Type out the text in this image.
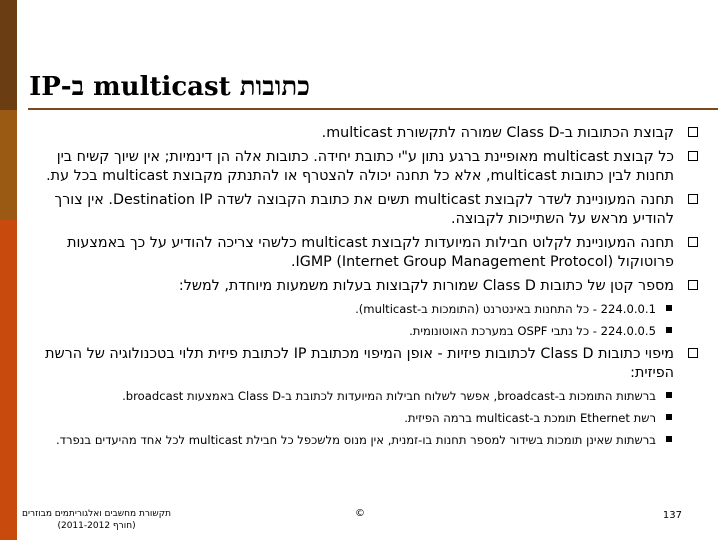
כתובות multicast ב-IP
קבוצת הכתובות ב-Class D שמורה לתקשורת multicast.
כל קבוצת multicast מאופיינת ברגע נתון ע"י כתובת יחידה. כתובות אלה הן דינמיות; אין שיוך קשיח בין תחנות לבין כתובות multicast, אלא כל תחנה יכולה להצטרף או להתנתק מקבוצת multicast בכל עת.
תחנה המעוניינת לשדר לקבוצת multicast תשים את כתובת הקבוצה לשדה Destination IP. אין צורך להודיע מראש על השתייכות לקבוצה.
תחנה המעוניינת לקלוט חבילות המיועדות לקבוצת multicast כלשהי צריכה להודיע על כך באמצעות פרוטוקול IGMP (Internet Group Management Protocol).
מספר קטן של כתובות Class D שמורות לקבוצות בעלות משמעות מיוחדת, למשל:
224.0.0.1 - כל התחנות באינטרנט (התומכות ב-multicast).
224.0.0.5 - כל נתבי OSPF במערכת האוטונומית.
מיפוי כתובות Class D לכתובות פיזיות - אופן המיפוי מכתובת IP לכתובת פיזית תלוי בטכנולוגיה של הרשת הפיזית:
ברשתות התומכות ב-broadcast, אפשר לשלוח חבילות המיועדות לכתובת ב-Class D באמצעות broadcast.
רשת Ethernet תומכת ב-multicast ברמה הפיזית.
ברשתות שאינן תומכות בשידור למספר תחנות בו-זמנית, אין מנוס מלשכפל כל חבילת multicast לכל אחד מהיעדים בנפרד.
תקשורת מחשבים ואלגוריתמים מבוזרים
(חורף 2011-2012)
©	137
